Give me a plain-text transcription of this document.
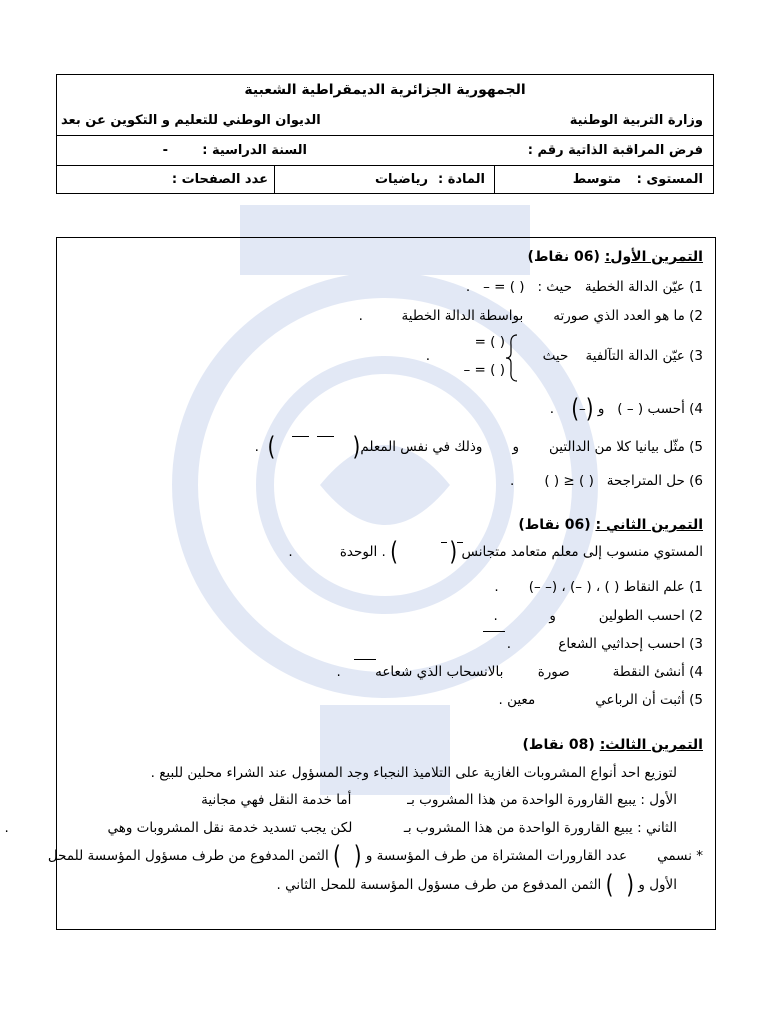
الجمهورية الجزائرية الديمقراطية الشعبية
وزارة التربية الوطنية
الديوان الوطني للتعليم و التكوين عن بعد
فرض المراقبة الذاتية رقم :
السنة الدراسية :
-
المستوى :
متوسط
المادة :
رياضيات
عدد الصفحات :
التمرين الأول: (06 نقاط)
1) عيّن الدالة الخطية   حيث :   ( ) = –   .
2) ما هو العدد الذي صورته       بواسطة الدالة الخطية         .
3) عيّن الدالة التآلفية    حيث
( ) =
( ) = –
.
4) أحسب ( – )   و (–)    .
5) مثّل بيانيا كلا من الدالتين       و       وذلك في نفس المعلم(                  )  .
6) حل المتراجحة   ( ) ≤ ( )       .
التمرين الثاني : (06 نقاط)
المستوي منسوب إلى معلم متعامد متجانس (            ) . الوحدة           .
1) علم النقاط ( ) ، ( –) ، (– –)       .
2) احسب الطولين          و            .
3) احسب إحداثيي الشعاع           .
4) أنشئ النقطة          صورة        بالانسحاب الذي شعاعه        .
5) أثبت أن الرباعي              معين .
التمرين الثالث: (08 نقاط)
لتوزيع احد أنواع المشروبات الغازية على التلاميذ النجباء وجد المسؤول عند الشراء محلين للبيع .
الأول : يبيع القارورة الواحدة من هذا المشروب بـ             أما خدمة النقل فهي مجانية
الثاني : يبيع القارورة الواحدة من هذا المشروب بـ            لكن يجب تسديد خدمة نقل المشروبات وهي                       .
* نسمي       عدد القارورات المشتراة من طرف المؤسسة و (   ) الثمن المدفوع من طرف مسؤول المؤسسة للمحل
الأول و (   ) الثمن المدفوع من طرف مسؤول المؤسسة للمحل الثاني .
